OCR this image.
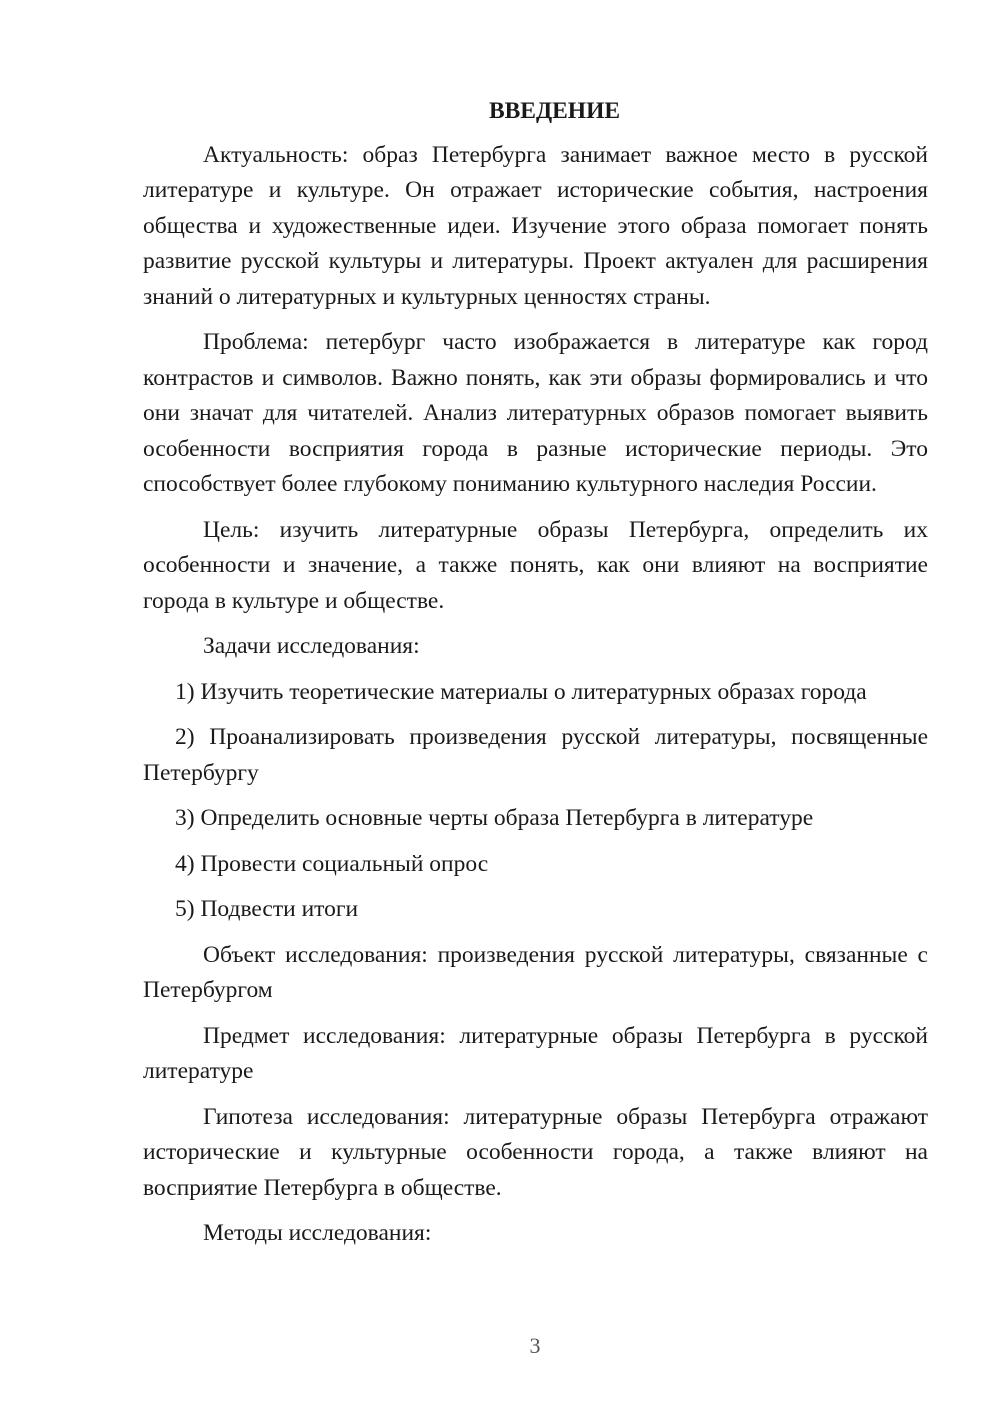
ВВЕДЕНИЕ
Актуальность: образ Петербурга занимает важное место в русской литературе и культуре. Он отражает исторические события, настроения общества и художественные идеи. Изучение этого образа помогает понять развитие русской культуры и литературы. Проект актуален для расширения знаний о литературных и культурных ценностях страны.
Проблема: петербург часто изображается в литературе как город контрастов и символов. Важно понять, как эти образы формировались и что они значат для читателей. Анализ литературных образов помогает выявить особенности восприятия города в разные исторические периоды. Это способствует более глубокому пониманию культурного наследия России.
Цель: изучить литературные образы Петербурга, определить их особенности и значение, а также понять, как они влияют на восприятие города в культуре и обществе.
Задачи исследования:
1) Изучить теоретические материалы о литературных образах города
2) Проанализировать произведения русской литературы, посвященные Петербургу
3) Определить основные черты образа Петербурга в литературе
4) Провести социальный опрос
5) Подвести итоги
Объект исследования: произведения русской литературы, связанные с Петербургом
Предмет исследования: литературные образы Петербурга в русской литературе
Гипотеза исследования: литературные образы Петербурга отражают исторические и культурные особенности города, а также влияют на восприятие Петербурга в обществе.
Методы исследования:
3
